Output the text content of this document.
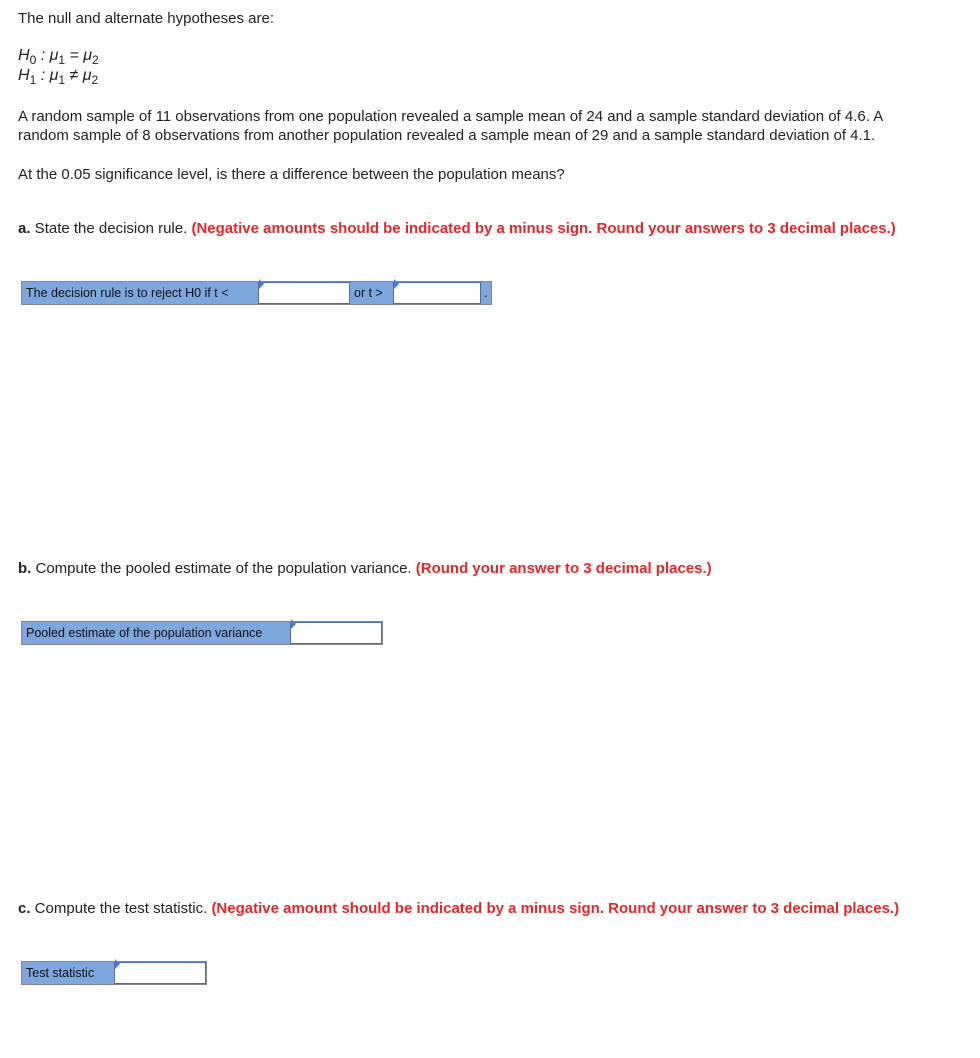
The null and alternate hypotheses are:
$H_0$ : $\mu_1 = \mu_2$
$H_1$ : $\mu_1 \ne \mu_2$
A random sample of 11 observations from one population revealed a sample mean of 24 and a sample standard deviation of 4.6. A
random sample of 8 observations from another population revealed a sample mean of 29 and a sample standard deviation of 4.1.
At the 0.05 significance level, is there a difference between the population means?
a. State the decision rule. (Negative amounts should be indicated by a minus sign. Round your answers to 3 decimal places.)
The decision rule is to reject H0 if t <	or t >	.
b. Compute the pooled estimate of the population variance. (Round your answer to 3 decimal places.)
Pooled estimate of the population variance
c. Compute the test statistic. (Negative amount should be indicated by a minus sign. Round your answer to 3 decimal places.)
Test statistic
